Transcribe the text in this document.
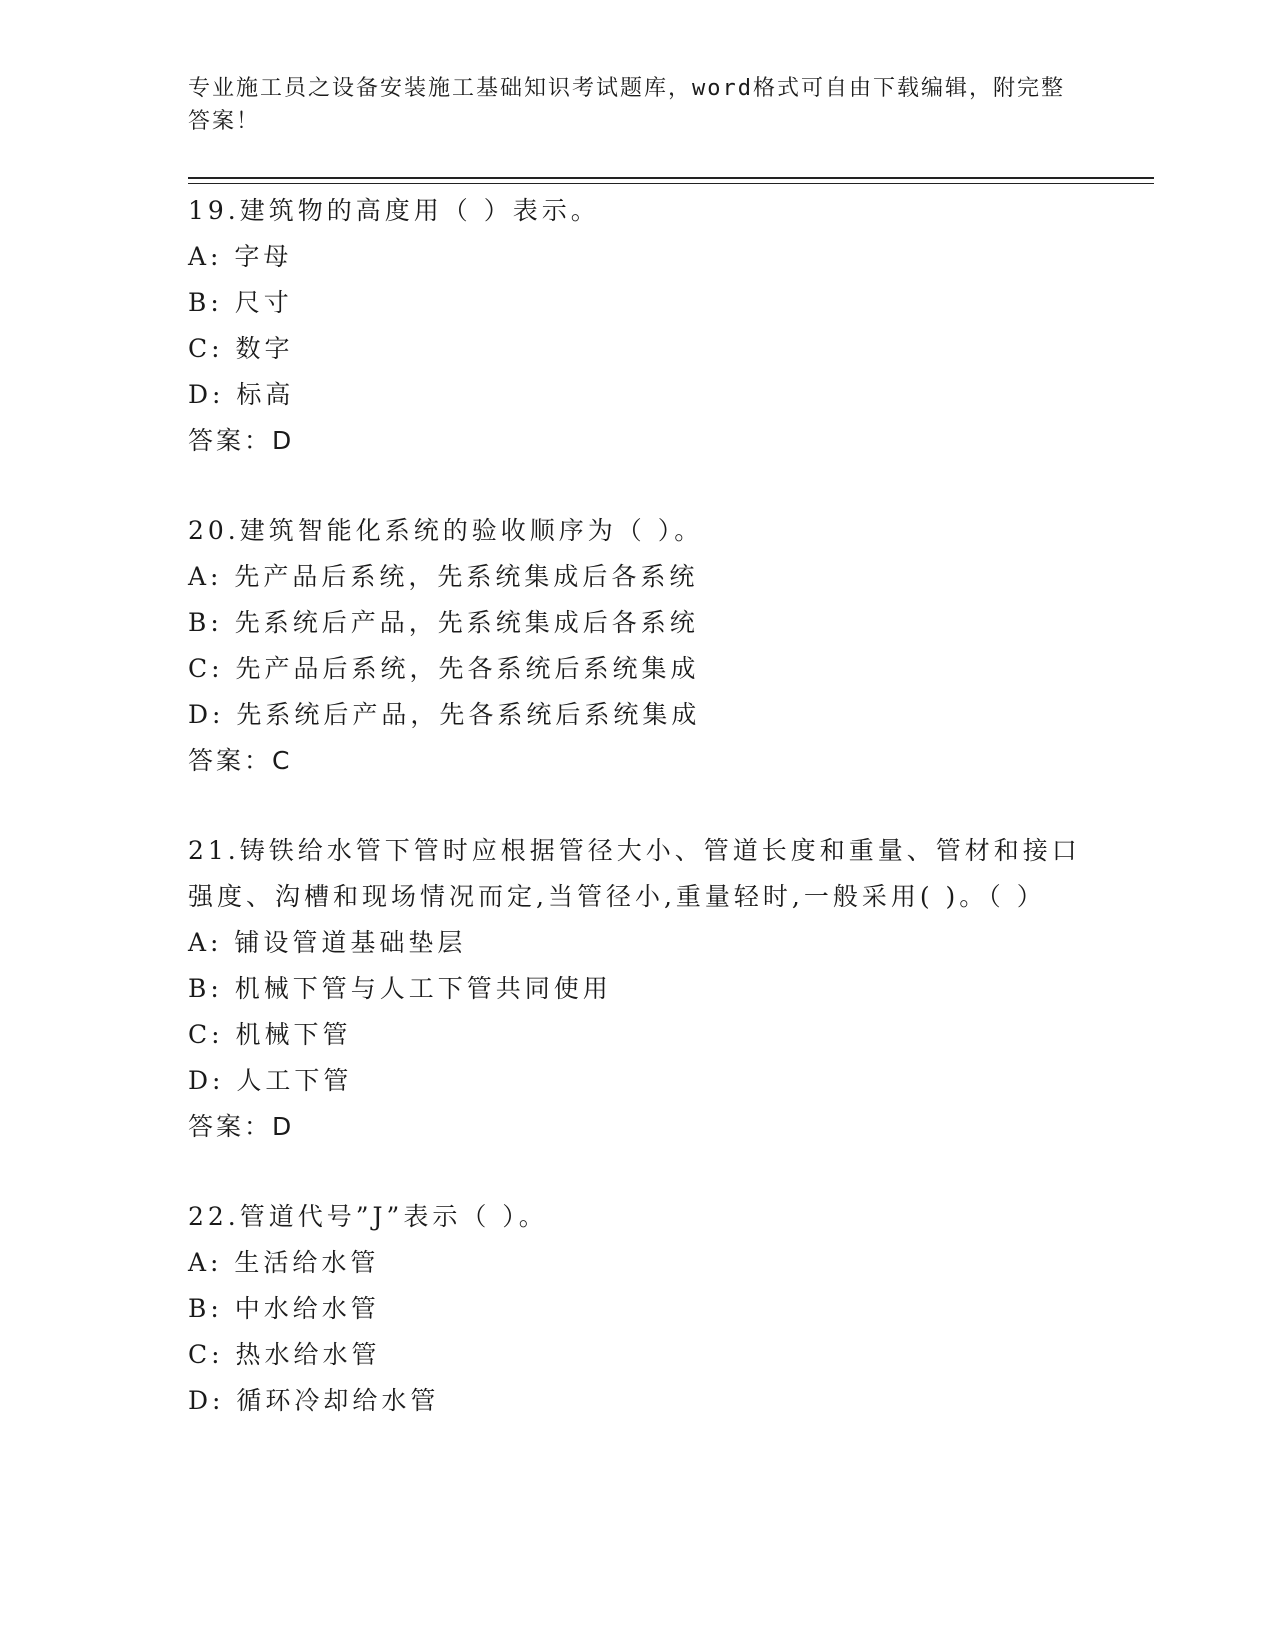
专业施工员之设备安装施工基础知识考试题库，word格式可自由下载编辑，附完整答案！
19.建筑物的高度用（ ）表示。
A: 字母
B: 尺寸
C: 数字
D: 标高
答案：D
20.建筑智能化系统的验收顺序为（ ）。
A: 先产品后系统，先系统集成后各系统
B: 先系统后产品，先系统集成后各系统
C: 先产品后系统，先各系统后系统集成
D: 先系统后产品，先各系统后系统集成
答案：C
21.铸铁给水管下管时应根据管径大小、管道长度和重量、管材和接口强度、沟槽和现场情况而定,当管径小,重量轻时,一般采用( )。（ ）
A: 铺设管道基础垫层
B: 机械下管与人工下管共同使用
C: 机械下管
D: 人工下管
答案：D
22.管道代号”J”表示（ ）。
A: 生活给水管
B: 中水给水管
C: 热水给水管
D: 循环冷却给水管
